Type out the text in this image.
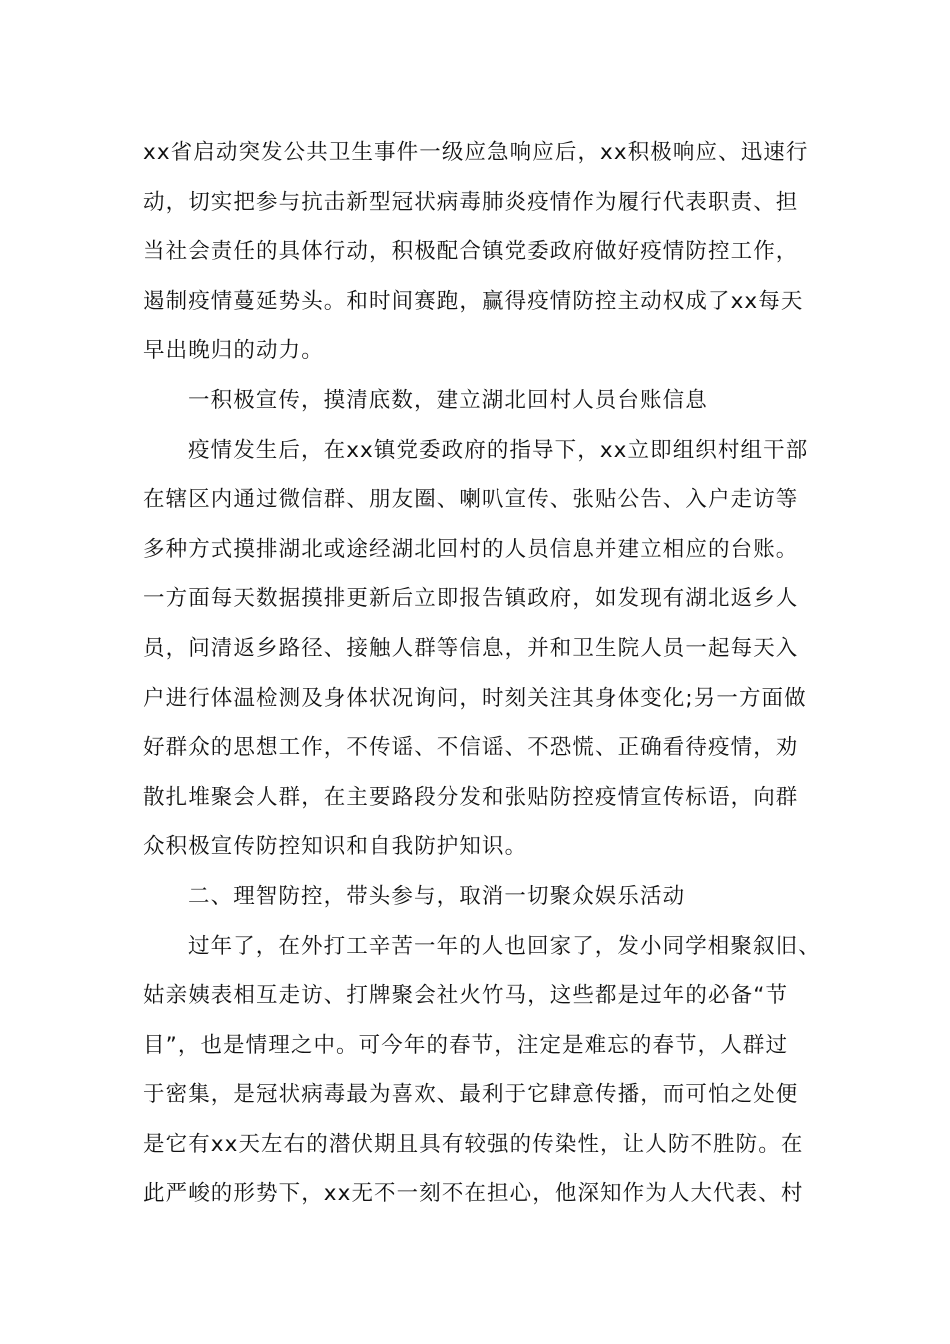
xx省启动突发公共卫生事件一级应急响应后，xx积极响应、迅速行
动，切实把参与抗击新型冠状病毒肺炎疫情作为履行代表职责、担
当社会责任的具体行动，积极配合镇党委政府做好疫情防控工作，
遏制疫情蔓延势头。和时间赛跑，赢得疫情防控主动权成了xx每天
早出晚归的动力。
一积极宣传，摸清底数，建立湖北回村人员台账信息
疫情发生后，在xx镇党委政府的指导下，xx立即组织村组干部
在辖区内通过微信群、朋友圈、喇叭宣传、张贴公告、入户走访等
多种方式摸排湖北或途经湖北回村的人员信息并建立相应的台账。
一方面每天数据摸排更新后立即报告镇政府，如发现有湖北返乡人
员，问清返乡路径、接触人群等信息，并和卫生院人员一起每天入
户进行体温检测及身体状况询问，时刻关注其身体变化;另一方面做
好群众的思想工作，不传谣、不信谣、不恐慌、正确看待疫情，劝
散扎堆聚会人群，在主要路段分发和张贴防控疫情宣传标语，向群
众积极宣传防控知识和自我防护知识。
二、理智防控，带头参与，取消一切聚众娱乐活动
过年了，在外打工辛苦一年的人也回家了，发小同学相聚叙旧、
姑亲姨表相互走访、打牌聚会社火竹马，这些都是过年的必备“节
目”，也是情理之中。可今年的春节，注定是难忘的春节，人群过
于密集，是冠状病毒最为喜欢、最利于它肆意传播，而可怕之处便
是它有xx天左右的潜伏期且具有较强的传染性，让人防不胜防。在
此严峻的形势下，xx无不一刻不在担心，他深知作为人大代表、村
